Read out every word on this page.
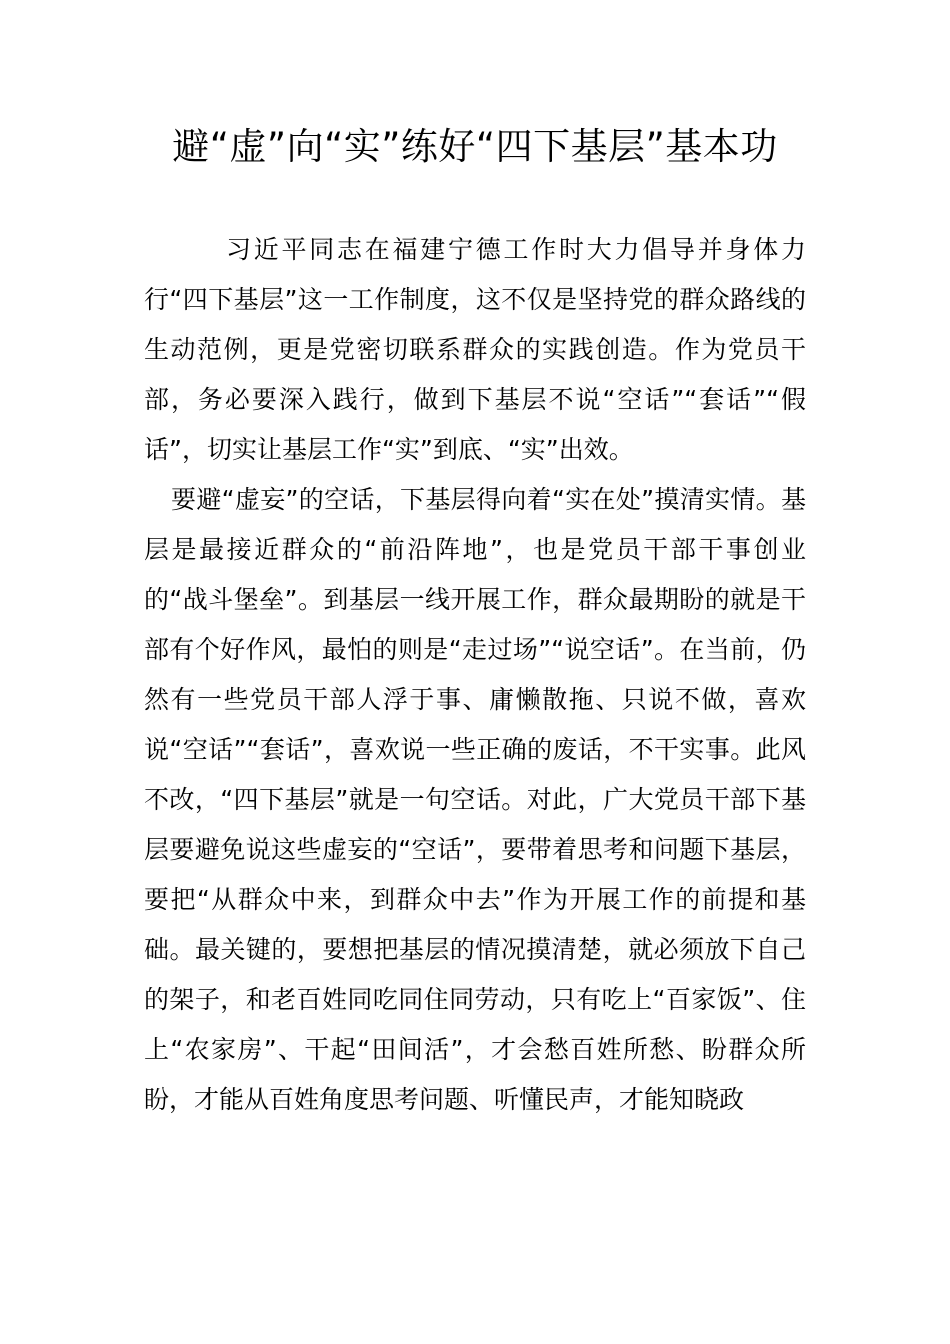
避“虚”向“实”练好“四下基层”基本功

习近平同志在福建宁德工作时大力倡导并身体力行“四下基层”这一工作制度，这不仅是坚持党的群众路线的生动范例，更是党密切联系群众的实践创造。作为党员干部，务必要深入践行，做到下基层不说“空话”“套话”“假话”，切实让基层工作“实”到底、“实”出效。

要避“虚妄”的空话，下基层得向着“实在处”摸清实情。基层是最接近群众的“前沿阵地”，也是党员干部干事创业的“战斗堡垒”。到基层一线开展工作，群众最期盼的就是干部有个好作风，最怕的则是“走过场”“说空话”。在当前，仍然有一些党员干部人浮于事、庸懒散拖、只说不做，喜欢说“空话”“套话”，喜欢说一些正确的废话，不干实事。此风不改，“四下基层”就是一句空话。对此，广大党员干部下基层要避免说这些虚妄的“空话”，要带着思考和问题下基层，要把“从群众中来，到群众中去”作为开展工作的前提和基础。最关键的，要想把基层的情况摸清楚，就必须放下自己的架子，和老百姓同吃同住同劳动，只有吃上“百家饭”、住上“农家房”、干起“田间活”，才会愁百姓所愁、盼群众所盼，才能从百姓角度思考问题、听懂民声，才能知晓政
